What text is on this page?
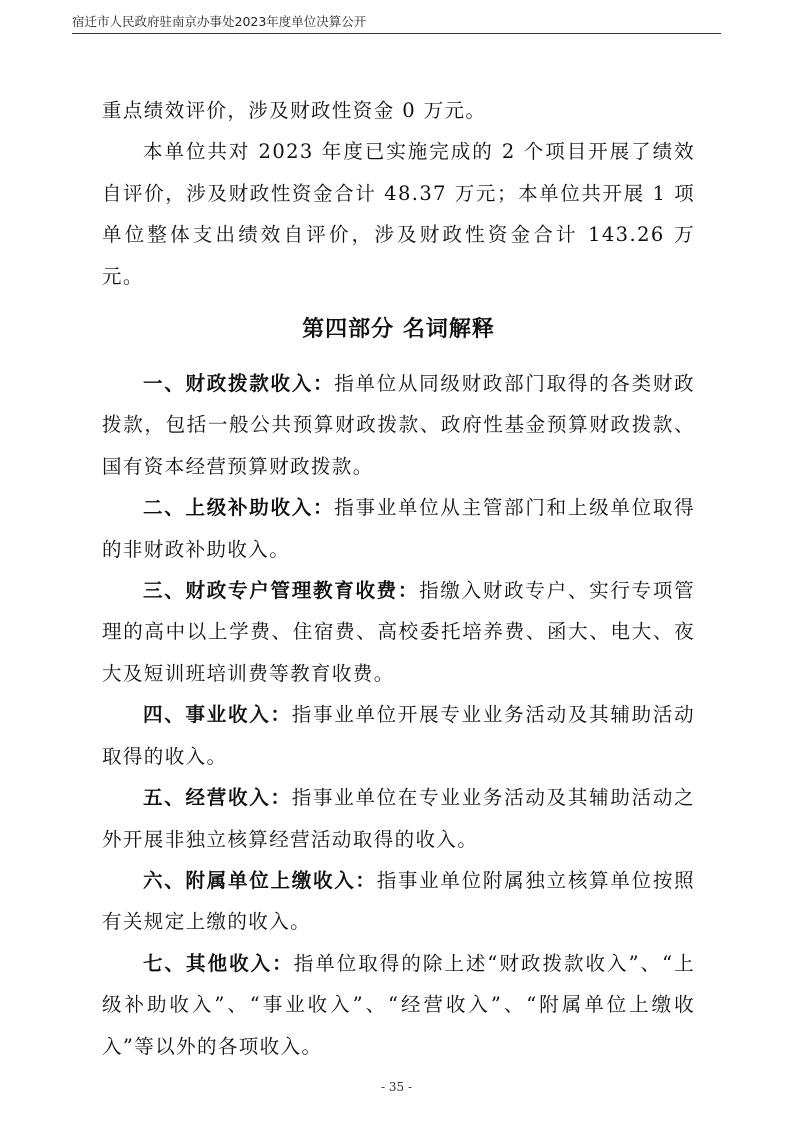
宿迁市人民政府驻南京办事处2023年度单位决算公开

重点绩效评价，涉及财政性资金 0 万元。

本单位共对 2023 年度已实施完成的 2 个项目开展了绩效自评价，涉及财政性资金合计 48.37 万元；本单位共开展 1 项单位整体支出绩效自评价，涉及财政性资金合计 143.26 万元。

第四部分 名词解释

一、财政拨款收入：指单位从同级财政部门取得的各类财政拨款，包括一般公共预算财政拨款、政府性基金预算财政拨款、国有资本经营预算财政拨款。

二、上级补助收入：指事业单位从主管部门和上级单位取得的非财政补助收入。

三、财政专户管理教育收费：指缴入财政专户、实行专项管理的高中以上学费、住宿费、高校委托培养费、函大、电大、夜大及短训班培训费等教育收费。

四、事业收入：指事业单位开展专业业务活动及其辅助活动取得的收入。

五、经营收入：指事业单位在专业业务活动及其辅助活动之外开展非独立核算经营活动取得的收入。

六、附属单位上缴收入：指事业单位附属独立核算单位按照有关规定上缴的收入。

七、其他收入：指单位取得的除上述“财政拨款收入”、“上级补助收入”、“事业收入”、“经营收入”、“附属单位上缴收入”等以外的各项收入。

- 35 -
